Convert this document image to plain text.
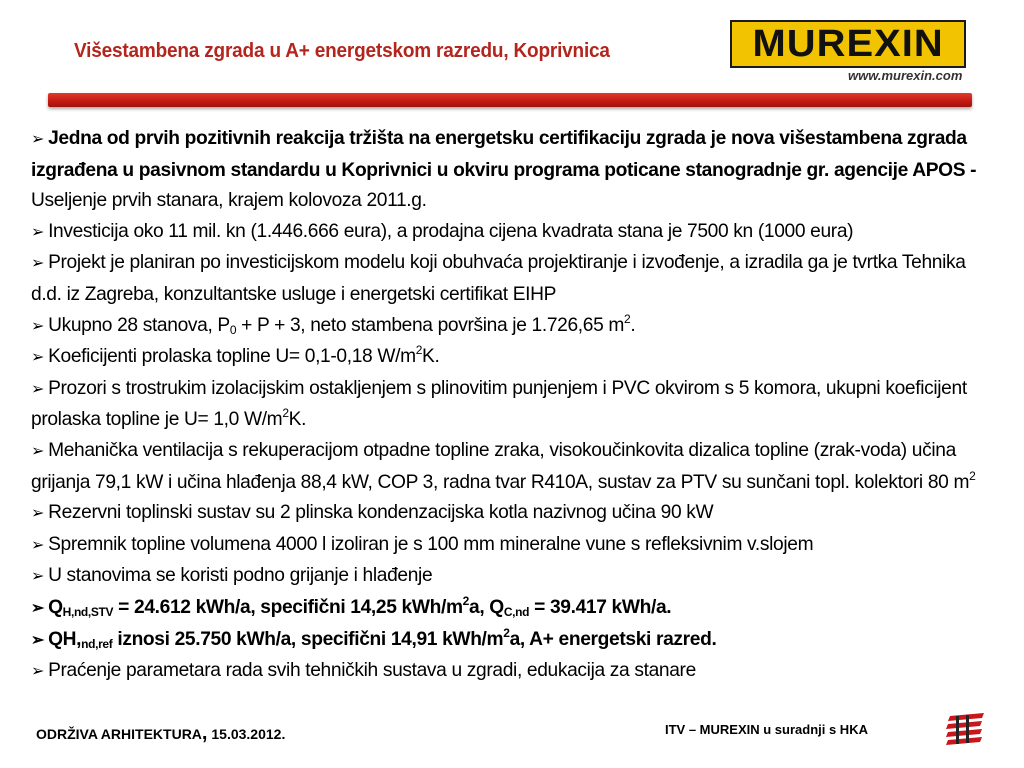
Višestambena zgrada u A+ energetskom razredu, Koprivnica	MUREXIN
www.murexin.com

➢ Jedna od prvih pozitivnih reakcija tržišta na energetsku certifikaciju zgrada je nova višestambena zgrada izgrađena u pasivnom standardu u Koprivnici u okviru programa poticane stanogradnje gr. agencije APOS - Useljenje prvih stanara, krajem kolovoza 2011.g.

➢ Investicija oko 11 mil. kn (1.446.666 eura), a prodajna cijena kvadrata stana je 7500 kn (1000 eura)

➢ Projekt je planiran po investicijskom modelu koji obuhvaća projektiranje i izvođenje, a izradila ga je tvrtka Tehnika d.d. iz Zagreba, konzultantske usluge i energetski certifikat EIHP

➢ Ukupno 28 stanova, $P_0 + P + 3$, neto stambena površina je 1.726,65 $m^2$.

➢ Koeficijenti prolaska topline U= 0,1-0,18 $W/m^2K$.

➢ Prozori s trostrukim izolacijskim ostakljenjem s plinovitim punjenjem i PVC okvirom s 5 komora, ukupni koeficijent prolaska topline je U= 1,0 $W/m^2K$.

➢ Mehanička ventilacija s rekuperacijom otpadne topline zraka, visokoučinkovita dizalica topline (zrak-voda) učina grijanja 79,1 kW i učina hlađenja 88,4 kW, COP 3, radna tvar R410A, sustav za PTV su sunčani topl. kolektori 80 $m^2$

➢ Rezervni toplinski sustav su 2 plinska kondenzacijska kotla nazivnog učina 90 kW

➢ Spremnik topline volumena 4000 l izoliran je s 100 mm mineralne vune s refleksivnim v.slojem

➢ U stanovima se koristi podno grijanje i hlađenje

➢ $Q_{H,nd,STV} = 24.612$ kWh/a, specifični 14,25 kWh/$m^2a$, $Q_{C,nd} = 39.417$ kWh/a.

➢ $QH,_{nd,ref}$ iznosi 25.750 kWh/a, specifični 14,91 kWh/$m^2a$, A+ energetski razred.

➢ Praćenje parametara rada svih tehničkih sustava u zgradi, edukacija za stanare

ODRŽIVA ARHITEKTURA, 15.03.2012.	ITV – MUREXIN u suradnji s HKA
